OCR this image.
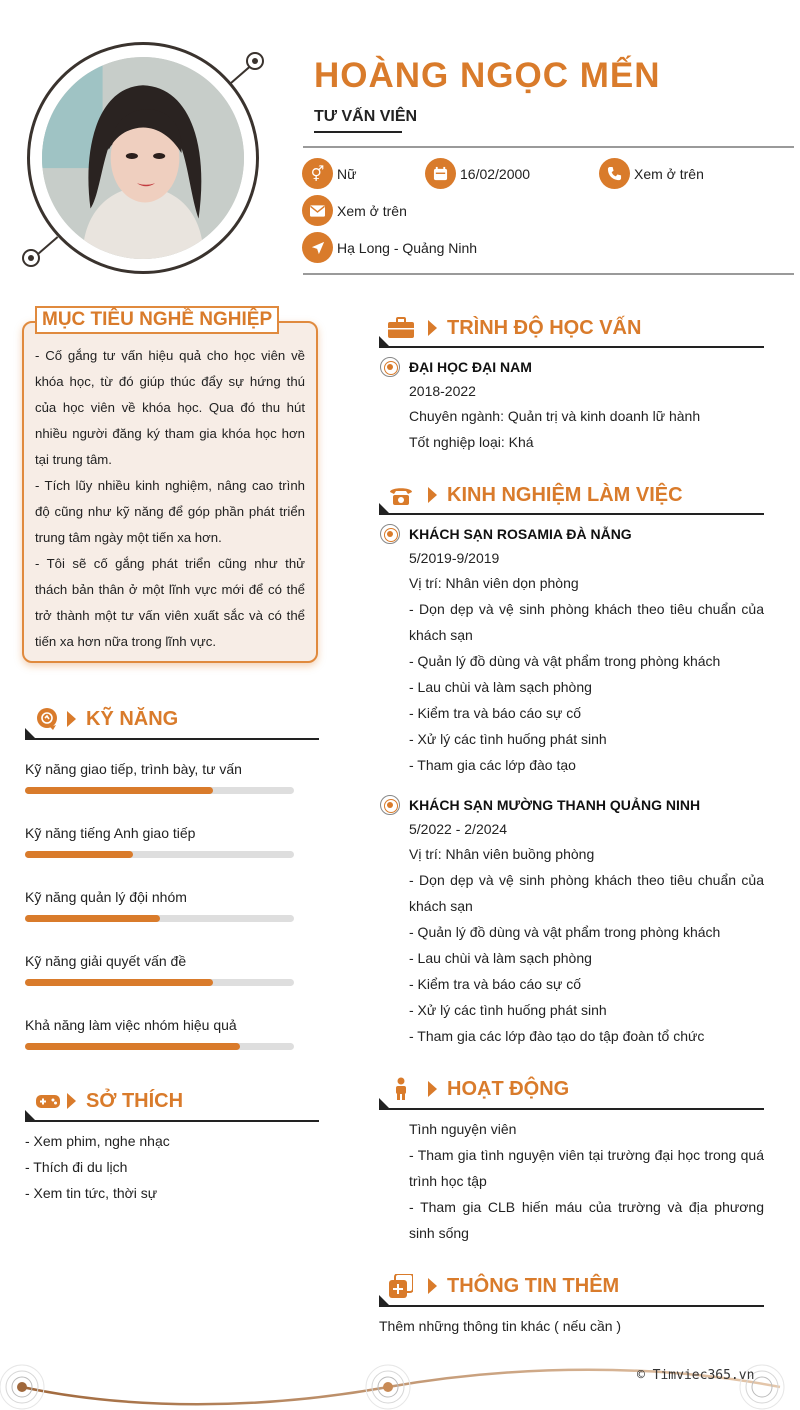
HOÀNG NGỌC MẾN
TƯ VẤN VIÊN
⚥ Nữ	16/02/2000	Xem ở trên
Xem ở trên
Hạ Long - Quảng Ninh
MỤC TIÊU NGHỀ NGHIỆP
- Cố gắng tư vấn hiệu quả cho học viên về khóa học, từ đó giúp thúc đẩy sự hứng thú của học viên về khóa học. Qua đó thu hút nhiều người đăng ký tham gia khóa học hơn tại trung tâm.
- Tích lũy nhiều kinh nghiệm, nâng cao trình độ cũng như kỹ năng để góp phần phát triển trung tâm ngày một tiến xa hơn.
- Tôi sẽ cố gắng phát triển cũng như thử thách bản thân ở một lĩnh vực mới để có thể trở thành một tư vấn viên xuất sắc và có thể tiến xa hơn nữa trong lĩnh vực.
KỸ NĂNG
Kỹ năng giao tiếp, trình bày, tư vấn
Kỹ năng tiếng Anh giao tiếp
Kỹ năng quản lý đội nhóm
Kỹ năng giải quyết vấn đề
Khả năng làm việc nhóm hiệu quả
SỞ THÍCH
- Xem phim, nghe nhạc
- Thích đi du lịch
- Xem tin tức, thời sự
TRÌNH ĐỘ HỌC VẤN
ĐẠI HỌC ĐẠI NAM
2018-2022
Chuyên ngành: Quản trị và kinh doanh lữ hành
Tốt nghiệp loại: Khá
KINH NGHIỆM LÀM VIỆC
KHÁCH SẠN ROSAMIA ĐÀ NẴNG
5/2019-9/2019
Vị trí: Nhân viên dọn phòng
- Dọn dẹp và vệ sinh phòng khách theo tiêu chuẩn của khách sạn
- Quản lý đồ dùng và vật phẩm trong phòng khách
- Lau chùi và làm sạch phòng
- Kiểm tra và báo cáo sự cố
- Xử lý các tình huống phát sinh
- Tham gia các lớp đào tạo
KHÁCH SẠN MƯỜNG THANH QUẢNG NINH
5/2022 - 2/2024
Vị trí: Nhân viên buồng phòng
- Dọn dẹp và vệ sinh phòng khách theo tiêu chuẩn của khách sạn
- Quản lý đồ dùng và vật phẩm trong phòng khách
- Lau chùi và làm sạch phòng
- Kiểm tra và báo cáo sự cố
- Xử lý các tình huống phát sinh
- Tham gia các lớp đào tạo do tập đoàn tổ chức
HOẠT ĐỘNG
Tình nguyện viên
- Tham gia tình nguyện viên tại trường đại học trong quá trình học tập
- Tham gia CLB hiến máu của trường và địa phương sinh sống
THÔNG TIN THÊM
Thêm những thông tin khác ( nếu cần )
© Timviec365.vn
